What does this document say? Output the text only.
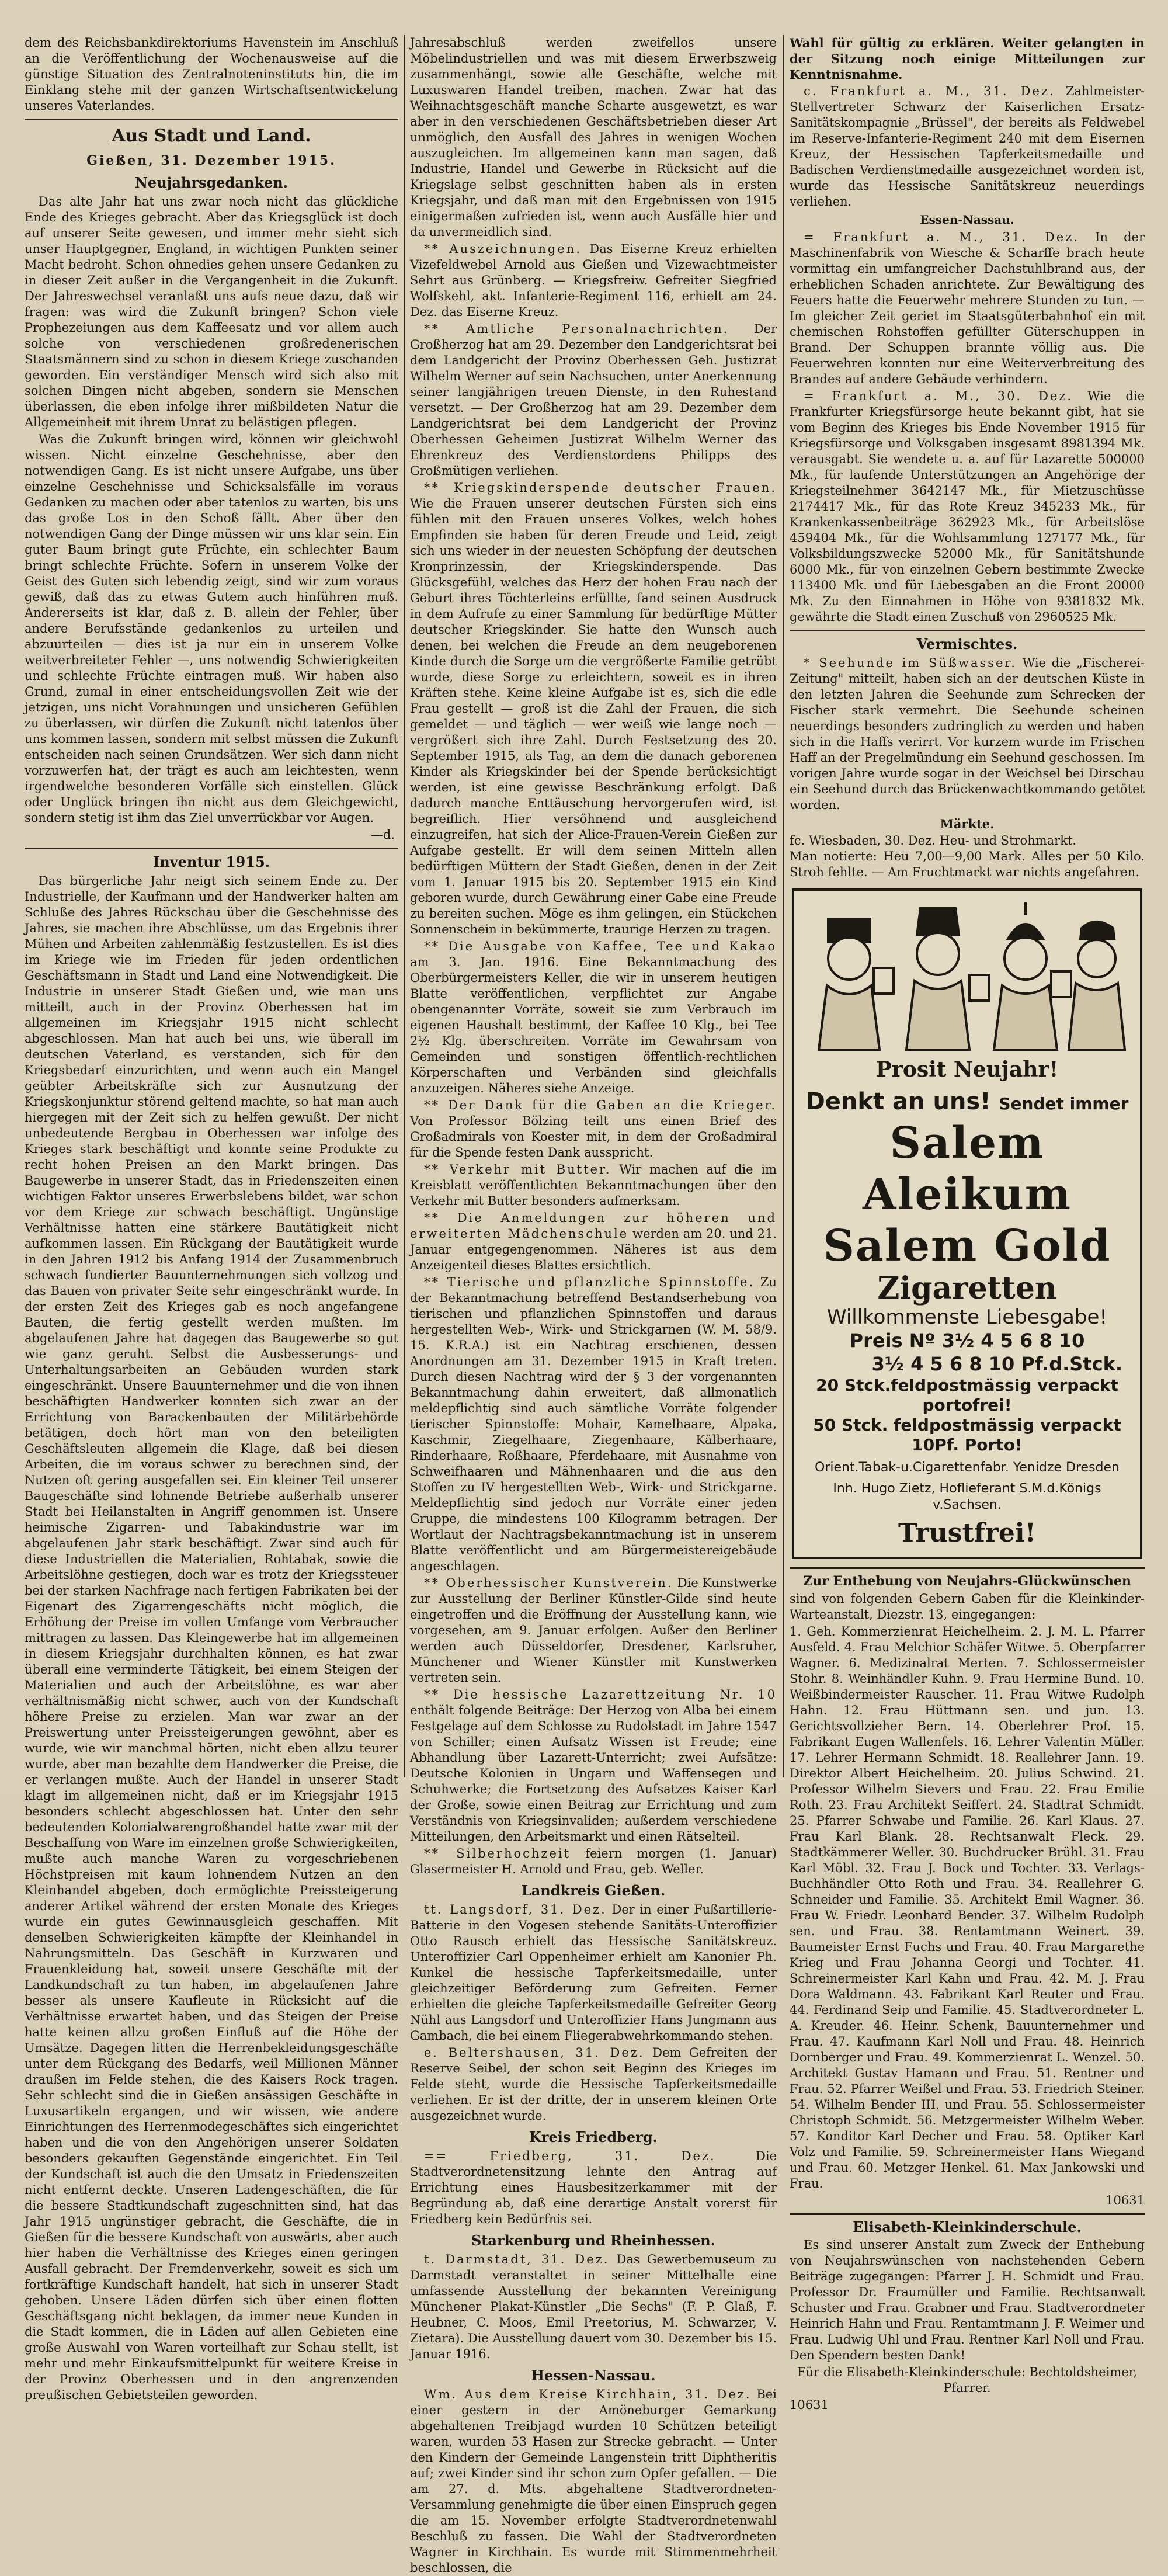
dem des Reichsbankdirektoriums Havenstein im Anschluß an die Veröffentlichung der Wochenausweise auf die günstige Situation des Zentralnoteninstituts hin, die im Einklang stehe mit der ganzen Wirtschaftsentwickelung unseres Vaterlandes.

Aus Stadt und Land.
Gießen, 31. Dezember 1915.
Neujahrsgedanken.

Das alte Jahr hat uns zwar noch nicht das glückliche Ende des Krieges gebracht. Aber das Kriegsglück ist doch auf unserer Seite gewesen, und immer mehr sieht sich unser Hauptgegner, England, in wichtigen Punkten seiner Macht bedroht. Schon ohnedies gehen unsere Gedanken zu in dieser Zeit außer in die Vergangenheit in die Zukunft. Der Jahreswechsel veranlaßt uns aufs neue dazu, daß wir fragen: was wird die Zukunft bringen? Schon viele Prophezeiungen aus dem Kaffeesatz und vor allem auch solche von verschiedenen großredenerischen Staatsmännern sind zu schon in diesem Kriege zuschanden geworden. Ein verständiger Mensch wird sich also mit solchen Dingen nicht abgeben, sondern sie Menschen überlassen, die eben infolge ihrer mißbildeten Natur die Allgemeinheit mit ihrem Unrat zu belästigen pflegen.

Was die Zukunft bringen wird, können wir gleichwohl wissen. Nicht einzelne Geschehnisse, aber den notwendigen Gang. Es ist nicht unsere Aufgabe, uns über einzelne Geschehnisse und Schicksalsfälle im voraus Gedanken zu machen oder aber tatenlos zu warten, bis uns das große Los in den Schoß fällt. Aber über den notwendigen Gang der Dinge müssen wir uns klar sein. Ein guter Baum bringt gute Früchte, ein schlechter Baum bringt schlechte Früchte. Sofern in unserem Volke der Geist des Guten sich lebendig zeigt, sind wir zum voraus gewiß, daß das zu etwas Gutem auch hinführen muß. Andererseits ist klar, daß z. B. allein der Fehler, über andere Berufsstände gedankenlos zu urteilen und abzuurteilen — dies ist ja nur ein in unserem Volke weitverbreiteter Fehler —, uns notwendig Schwierigkeiten und schlechte Früchte eintragen muß. Wir haben also Grund, zumal in einer entscheidungsvollen Zeit wie der jetzigen, uns nicht Vorahnungen und unsicheren Gefühlen zu überlassen, wir dürfen die Zukunft nicht tatenlos über uns kommen lassen, sondern mit selbst müssen die Zukunft entscheiden nach seinen Grundsätzen. Wer sich dann nicht vorzuwerfen hat, der trägt es auch am leichtesten, wenn irgendwelche besonderen Vorfälle sich einstellen. Glück oder Unglück bringen ihn nicht aus dem Gleichgewicht, sondern stetig ist ihm das Ziel unverrückbar vor Augen.

—d.
Inventur 1915.

Das bürgerliche Jahr neigt sich seinem Ende zu. Der Industrielle, der Kaufmann und der Handwerker halten am Schluße des Jahres Rückschau über die Geschehnisse des Jahres, sie machen ihre Abschlüsse, um das Ergebnis ihrer Mühen und Arbeiten zahlenmäßig festzustellen. Es ist dies im Kriege wie im Frieden für jeden ordentlichen Geschäftsmann in Stadt und Land eine Notwendigkeit. Die Industrie in unserer Stadt Gießen und, wie man uns mitteilt, auch in der Provinz Oberhessen hat im allgemeinen im Kriegsjahr 1915 nicht schlecht abgeschlossen. Man hat auch bei uns, wie überall im deutschen Vaterland, es verstanden, sich für den Kriegsbedarf einzurichten, und wenn auch ein Mangel geübter Arbeitskräfte sich zur Ausnutzung der Kriegskonjunktur störend geltend machte, so hat man auch hiergegen mit der Zeit sich zu helfen gewußt. Der nicht unbedeutende Bergbau in Oberhessen war infolge des Krieges stark beschäftigt und konnte seine Produkte zu recht hohen Preisen an den Markt bringen. Das Baugewerbe in unserer Stadt, das in Friedenszeiten einen wichtigen Faktor unseres Erwerbslebens bildet, war schon vor dem Kriege zur schwach beschäftigt. Ungünstige Verhältnisse hatten eine stärkere Bautätigkeit nicht aufkommen lassen. Ein Rückgang der Bautätigkeit wurde in den Jahren 1912 bis Anfang 1914 der Zusammenbruch schwach fundierter Bauunternehmungen sich vollzog und das Bauen von privater Seite sehr eingeschränkt wurde. In der ersten Zeit des Krieges gab es noch angefangene Bauten, die fertig gestellt werden mußten. Im abgelaufenen Jahre hat dagegen das Baugewerbe so gut wie ganz geruht. Selbst die Ausbesserungs- und Unterhaltungsarbeiten an Gebäuden wurden stark eingeschränkt. Unsere Bauunternehmer und die von ihnen beschäftigten Handwerker konnten sich zwar an der Errichtung von Barackenbauten der Militärbehörde betätigen, doch hört man von den beteiligten Geschäftsleuten allgemein die Klage, daß bei diesen Arbeiten, die im voraus schwer zu berechnen sind, der Nutzen oft gering ausgefallen sei. Ein kleiner Teil unserer Baugeschäfte sind lohnende Betriebe außerhalb unserer Stadt bei Heilanstalten in Angriff genommen ist. Unsere heimische Zigarren- und Tabakindustrie war im abgelaufenen Jahr stark beschäftigt. Zwar sind auch für diese Industriellen die Materialien, Rohtabak, sowie die Arbeitslöhne gestiegen, doch war es trotz der Kriegssteuer bei der starken Nachfrage nach fertigen Fabrikaten bei der Eigenart des Zigarrengeschäfts nicht möglich, die Erhöhung der Preise im vollen Umfange vom Verbraucher mittragen zu lassen. Das Kleingewerbe hat im allgemeinen in diesem Kriegsjahr durchhalten können, es hat zwar überall eine verminderte Tätigkeit, bei einem Steigen der Materialien und auch der Arbeitslöhne, es war aber verhältnismäßig nicht schwer, auch von der Kundschaft höhere Preise zu erzielen. Man war zwar an der Preiswertung unter Preissteigerungen gewöhnt, aber es wurde, wie wir manchmal hörten, nicht eben allzu teurer wurde, aber man bezahlte dem Handwerker die Preise, die er verlangen mußte. Auch der Handel in unserer Stadt klagt im allgemeinen nicht, daß er im Kriegsjahr 1915 besonders schlecht abgeschlossen hat. Unter den sehr bedeutenden Kolonialwarengroßhandel hatte zwar mit der Beschaffung von Ware im einzelnen große Schwierigkeiten, mußte auch manche Waren zu vorgeschriebenen Höchstpreisen mit kaum lohnendem Nutzen an den Kleinhandel abgeben, doch ermöglichte Preissteigerung anderer Artikel während der ersten Monate des Krieges wurde ein gutes Gewinnausgleich geschaffen. Mit denselben Schwierigkeiten kämpfte der Kleinhandel in Nahrungsmitteln. Das Geschäft in Kurzwaren und Frauenkleidung hat, soweit unsere Geschäfte mit der Landkundschaft zu tun haben, im abgelaufenen Jahre besser als unsere Kaufleute in Rücksicht auf die Verhältnisse erwartet haben, und das Steigen der Preise hatte keinen allzu großen Einfluß auf die Höhe der Umsätze. Dagegen litten die Herrenbekleidungsgeschäfte unter dem Rückgang des Bedarfs, weil Millionen Männer draußen im Felde stehen, die des Kaisers Rock tragen. Sehr schlecht sind die in Gießen ansässigen Geschäfte in Luxusartikeln ergangen, und wir wissen, wie andere Einrichtungen des Herrenmodegeschäftes sich eingerichtet haben und die von den Angehörigen unserer Soldaten besonders gekauften Gegenstände eingerichtet. Ein Teil der Kundschaft ist auch die den Umsatz in Friedenszeiten nicht entfernt deckte. Unseren Ladengeschäften, die für die bessere Stadtkundschaft zugeschnitten sind, hat das Jahr 1915 ungünstiger gebracht, die Geschäfte, die in Gießen für die bessere Kundschaft von auswärts, aber auch hier haben die Verhältnisse des Krieges einen geringen Ausfall gebracht. Der Fremdenverkehr, soweit es sich um fortkräftige Kundschaft handelt, hat sich in unserer Stadt gehoben. Unsere Läden dürfen sich über einen flotten Geschäftsgang nicht beklagen, da immer neue Kunden in die Stadt kommen, die in Läden auf allen Gebieten eine große Auswahl von Waren vorteilhaft zur Schau stellt, ist mehr und mehr Einkaufsmittelpunkt für weitere Kreise in der Provinz Oberhessen und in den angrenzenden preußischen Gebietsteilen geworden.

Jahresabschluß werden zweifellos unsere Möbelindustriellen und was mit diesem Erwerbszweig zusammenhängt, sowie alle Geschäfte, welche mit Luxuswaren Handel treiben, machen. Zwar hat das Weihnachtsgeschäft manche Scharte ausgewetzt, es war aber in den verschiedenen Geschäftsbetrieben dieser Art unmöglich, den Ausfall des Jahres in wenigen Wochen auszugleichen. Im allgemeinen kann man sagen, daß Industrie, Handel und Gewerbe in Rücksicht auf die Kriegslage selbst geschnitten haben als in ersten Kriegsjahr, und daß man mit den Ergebnissen von 1915 einigermaßen zufrieden ist, wenn auch Ausfälle hier und da unvermeidlich sind.

** Auszeichnungen. Das Eiserne Kreuz erhielten Vizefeldwebel Arnold aus Gießen und Vizewachtmeister Sehrt aus Grünberg. — Kriegsfreiw. Gefreiter Siegfried Wolfskehl, akt. Infanterie-Regiment 116, erhielt am 24. Dez. das Eiserne Kreuz.

** Amtliche Personalnachrichten. Der Großherzog hat am 29. Dezember den Landgerichtsrat bei dem Landgericht der Provinz Oberhessen Geh. Justizrat Wilhelm Werner auf sein Nachsuchen, unter Anerkennung seiner langjährigen treuen Dienste, in den Ruhestand versetzt. — Der Großherzog hat am 29. Dezember dem Landgerichtsrat bei dem Landgericht der Provinz Oberhessen Geheimen Justizrat Wilhelm Werner das Ehrenkreuz des Verdienstordens Philipps des Großmütigen verliehen.

** Kriegskinderspende deutscher Frauen. Wie die Frauen unserer deutschen Fürsten sich eins fühlen mit den Frauen unseres Volkes, welch hohes Empfinden sie haben für deren Freude und Leid, zeigt sich uns wieder in der neuesten Schöpfung der deutschen Kronprinzessin, der Kriegskinderspende. Das Glücksgefühl, welches das Herz der hohen Frau nach der Geburt ihres Töchterleins erfüllte, fand seinen Ausdruck in dem Aufrufe zu einer Sammlung für bedürftige Mütter deutscher Kriegskinder. Sie hatte den Wunsch auch denen, bei welchen die Freude an dem neugeborenen Kinde durch die Sorge um die vergrößerte Familie getrübt wurde, diese Sorge zu erleichtern, soweit es in ihren Kräften stehe. Keine kleine Aufgabe ist es, sich die edle Frau gestellt — groß ist die Zahl der Frauen, die sich gemeldet — und täglich — wer weiß wie lange noch — vergrößert sich ihre Zahl. Durch Festsetzung des 20. September 1915, als Tag, an dem die danach geborenen Kinder als Kriegskinder bei der Spende berücksichtigt werden, ist eine gewisse Beschränkung erfolgt. Daß dadurch manche Enttäuschung hervorgerufen wird, ist begreiflich. Hier versöhnend und ausgleichend einzugreifen, hat sich der Alice-Frauen-Verein Gießen zur Aufgabe gestellt. Er will dem seinen Mitteln allen bedürftigen Müttern der Stadt Gießen, denen in der Zeit vom 1. Januar 1915 bis 20. September 1915 ein Kind geboren wurde, durch Gewährung einer Gabe eine Freude zu bereiten suchen. Möge es ihm gelingen, ein Stückchen Sonnenschein in bekümmerte, traurige Herzen zu tragen.

** Die Ausgabe von Kaffee, Tee und Kakao am 3. Jan. 1916. Eine Bekanntmachung des Oberbürgermeisters Keller, die wir in unserem heutigen Blatte veröffentlichen, verpflichtet zur Angabe obengenannter Vorräte, soweit sie zum Verbrauch im eigenen Haushalt bestimmt, der Kaffee 10 Klg., bei Tee 2½ Klg. überschreiten. Vorräte im Gewahrsam von Gemeinden und sonstigen öffentlich-rechtlichen Körperschaften und Verbänden sind gleichfalls anzuzeigen. Näheres siehe Anzeige.

** Der Dank für die Gaben an die Krieger. Von Professor Bölzing teilt uns einen Brief des Großadmirals von Koester mit, in dem der Großadmiral für die Spende festen Dank ausspricht.

** Verkehr mit Butter. Wir machen auf die im Kreisblatt veröffentlichten Bekanntmachungen über den Verkehr mit Butter besonders aufmerksam.

** Die Anmeldungen zur höheren und erweiterten Mädchenschule werden am 20. und 21. Januar entgegengenommen. Näheres ist aus dem Anzeigenteil dieses Blattes ersichtlich.

** Tierische und pflanzliche Spinnstoffe. Zu der Bekanntmachung betreffend Bestandserhebung von tierischen und pflanzlichen Spinnstoffen und daraus hergestellten Web-, Wirk- und Strickgarnen (W. M. 58/9. 15. K.R.A.) ist ein Nachtrag erschienen, dessen Anordnungen am 31. Dezember 1915 in Kraft treten. Durch diesen Nachtrag wird der § 3 der vorgenannten Bekanntmachung dahin erweitert, daß allmonatlich meldepflichtig sind auch sämtliche Vorräte folgender tierischer Spinnstoffe: Mohair, Kamelhaare, Alpaka, Kaschmir, Ziegelhaare, Ziegenhaare, Kälberhaare, Rinderhaare, Roßhaare, Pferdehaare, mit Ausnahme von Schweifhaaren und Mähnenhaaren und die aus den Stoffen zu IV hergestellten Web-, Wirk- und Strickgarne. Meldepflichtig sind jedoch nur Vorräte einer jeden Gruppe, die mindestens 100 Kilogramm betragen. Der Wortlaut der Nachtragsbekanntmachung ist in unserem Blatte veröffentlicht und am Bürgermeistereigebäude angeschlagen.

** Oberhessischer Kunstverein. Die Kunstwerke zur Ausstellung der Berliner Künstler-Gilde sind heute eingetroffen und die Eröffnung der Ausstellung kann, wie vorgesehen, am 9. Januar erfolgen. Außer den Berliner werden auch Düsseldorfer, Dresdener, Karlsruher, Münchener und Wiener Künstler mit Kunstwerken vertreten sein.

** Die hessische Lazarettzeitung Nr. 10 enthält folgende Beiträge: Der Herzog von Alba bei einem Festgelage auf dem Schlosse zu Rudolstadt im Jahre 1547 von Schiller; einen Aufsatz Wissen ist Freude; eine Abhandlung über Lazarett-Unterricht; zwei Aufsätze: Deutsche Kolonien in Ungarn und Waffensegen und Schuhwerke; die Fortsetzung des Aufsatzes Kaiser Karl der Große, sowie einen Beitrag zur Errichtung und zum Verständnis von Kriegsinvaliden; außerdem verschiedene Mitteilungen, den Arbeitsmarkt und einen Rätselteil.

** Silberhochzeit feiern morgen (1. Januar) Glasermeister H. Arnold und Frau, geb. Weller.

Landkreis Gießen.

tt. Langsdorf, 31. Dez. Der in einer Fußartillerie-Batterie in den Vogesen stehende Sanitäts-Unteroffizier Otto Rausch erhielt das Hessische Sanitätskreuz. Unteroffizier Carl Oppenheimer erhielt am Kanonier Ph. Kunkel die hessische Tapferkeitsmedaille, unter gleichzeitiger Beförderung zum Gefreiten. Ferner erhielten die gleiche Tapferkeitsmedaille Gefreiter Georg Nühl aus Langsdorf und Unteroffizier Hans Jungmann aus Gambach, die bei einem Fliegerabwehrkommando stehen.

e. Beltershausen, 31. Dez. Dem Gefreiten der Reserve Seibel, der schon seit Beginn des Krieges im Felde steht, wurde die Hessische Tapferkeitsmedaille verliehen. Er ist der dritte, der in unserem kleinen Orte ausgezeichnet wurde.

Kreis Friedberg.

== Friedberg, 31. Dez.	Die Stadtverordnetensitzung lehnte den Antrag auf Errichtung eines Hausbesitzerkammer mit der Begründung ab, daß eine derartige Anstalt vorerst für Friedberg kein Bedürfnis sei.

Starkenburg und Rheinhessen.

t. Darmstadt, 31. Dez. Das Gewerbemuseum zu Darmstadt veranstaltet in seiner Mittelhalle eine umfassende Ausstellung der bekannten Vereinigung Münchener Plakat-Künstler „Die Sechs" (F. P. Glaß, F. Heubner, C. Moos, Emil Preetorius, M. Schwarzer, V. Zietara). Die Ausstellung dauert vom 30. Dezember bis 15. Januar 1916.

Hessen-Nassau.

Wm. Aus dem Kreise Kirchhain, 31. Dez. Bei einer gestern in der Amöneburger Gemarkung abgehaltenen Treibjagd wurden 10 Schützen beteiligt waren, wurden 53 Hasen zur Strecke gebracht. — Unter den Kindern der Gemeinde Langenstein tritt Diphtheritis auf; zwei Kinder sind ihr schon zum Opfer gefallen. — Die am 27. d. Mts. abgehaltene Stadtverordneten-Versammlung genehmigte die über einen Einspruch gegen die am 15. November erfolgte Stadtverordnetenwahl Beschluß zu fassen. Die Wahl der Stadtverordneten Wagner in Kirchhain. Es wurde mit Stimmenmehrheit beschlossen, die

Wahl für gültig zu erklären. Weiter gelangten in der Sitzung noch einige Mitteilungen zur Kenntnisnahme.

c. Frankfurt a. M., 31. Dez. Zahlmeister-Stellvertreter Schwarz der Kaiserlichen Ersatz-Sanitätskompagnie „Brüssel", der bereits als Feldwebel im Reserve-Infanterie-Regiment 240 mit dem Eisernen Kreuz, der Hessischen Tapferkeitsmedaille und Badischen Verdienstmedaille ausgezeichnet worden ist, wurde das Hessische Sanitätskreuz neuerdings verliehen.

Essen-Nassau.

= Frankfurt a. M., 31. Dez. In der Maschinenfabrik von Wiesche & Scharffe brach heute vormittag ein umfangreicher Dachstuhlbrand aus, der erheblichen Schaden anrichtete. Zur Bewältigung des Feuers hatte die Feuerwehr mehrere Stunden zu tun. — Im gleicher Zeit geriet im Staatsgüterbahnhof ein mit chemischen Rohstoffen gefüllter Güterschuppen in Brand. Der Schuppen brannte völlig aus. Die Feuerwehren konnten nur eine Weiterverbreitung des Brandes auf andere Gebäude verhindern.

= Frankfurt a. M., 30. Dez. Wie die Frankfurter Kriegsfürsorge heute bekannt gibt, hat sie vom Beginn des Krieges bis Ende November 1915 für Kriegsfürsorge und Volksgaben insgesamt 8981394 Mk. verausgabt. Sie wendete u. a. auf für Lazarette 500000 Mk., für laufende Unterstützungen an Angehörige der Kriegsteilnehmer 3642147 Mk., für Mietzuschüsse 2174417 Mk., für das Rote Kreuz 345233 Mk., für Krankenkassenbeiträge 362923 Mk., für Arbeitslöse 459404 Mk., für die Wohlsammlung 127177 Mk., für Volksbildungszwecke 52000 Mk., für Sanitätshunde 6000 Mk., für von einzelnen Gebern bestimmte Zwecke 113400 Mk. und für Liebesgaben an die Front 20000 Mk. Zu den Einnahmen in Höhe von 9381832 Mk. gewährte die Stadt einen Zuschuß von 2960525 Mk.

Vermischtes.

* Seehunde im Süßwasser. Wie die „Fischerei-Zeitung" mitteilt, haben sich an der deutschen Küste in den letzten Jahren die Seehunde zum Schrecken der Fischer stark vermehrt. Die Seehunde scheinen neuerdings besonders zudringlich zu werden und haben sich in die Haffs verirrt. Vor kurzem wurde im Frischen Haff an der Pregelmündung ein Seehund geschossen. Im vorigen Jahre wurde sogar in der Weichsel bei Dirschau ein Seehund durch das Brückenwachtkommando getötet worden.

Märkte.

fc. Wiesbaden, 30. Dez. Heu- und Strohmarkt.

Man notierte: Heu 7,00—9,00 Mark. Alles per 50 Kilo. Stroh fehlte. — Am Fruchtmarkt war nichts angefahren.

Prosit Neujahr!
Denkt an uns! Sendet immer
Salem Aleikum
Salem Gold
Zigaretten
Willkommenste Liebesgabe!
Preis Nº 3½ 4 5 6 8 10
3½ 4 5 6 8 10 Pf.d.Stck.
20 Stck.feldpostmässig verpackt portofrei!
50 Stck. feldpostmässig verpackt 10Pf. Porto!
Orient.Tabak-u.Cigarettenfabr. Yenidze Dresden
Inh. Hugo Zietz, Hoflieferant S.M.d.Königs v.Sachsen.
Trustfrei!
Zur Enthebung von Neujahrs-Glückwünschen

sind von folgenden Gebern Gaben für die Kleinkinder-Warteanstalt, Diezstr. 13, eingegangen:

1. Geh. Kommerzienrat Heichelheim. 2. J. M. L. Pfarrer Ausfeld. 4. Frau Melchior Schäfer Witwe. 5. Oberpfarrer Wagner. 6. Medizinalrat Merten. 7. Schlossermeister Stohr. 8. Weinhändler Kuhn. 9. Frau Hermine Bund. 10. Weißbindermeister Rauscher. 11. Frau Witwe Rudolph Hahn. 12. Frau Hüttmann sen. und jun. 13. Gerichtsvollzieher Bern. 14. Oberlehrer Prof. 15. Fabrikant Eugen Wallenfels. 16. Lehrer Valentin Müller. 17. Lehrer Hermann Schmidt. 18. Reallehrer Jann. 19. Direktor Albert Heichelheim. 20. Julius Schwind. 21. Professor Wilhelm Sievers und Frau. 22. Frau Emilie Roth. 23. Frau Architekt Seiffert. 24. Stadtrat Schmidt. 25. Pfarrer Schwabe und Familie. 26. Karl Klaus. 27. Frau Karl Blank. 28. Rechtsanwalt Fleck. 29. Stadtkämmerer Weller. 30. Buchdrucker Brühl. 31. Frau Karl Möbl. 32. Frau J. Bock und Tochter. 33. Verlags-Buchhändler Otto Roth und Frau. 34. Reallehrer G. Schneider und Familie. 35. Architekt Emil Wagner. 36. Frau W. Friedr. Leonhard Bender. 37. Wilhelm Rudolph sen. und Frau. 38. Rentamtmann Weinert. 39. Baumeister Ernst Fuchs und Frau. 40. Frau Margarethe Krieg und Frau Johanna Georgi und Tochter. 41. Schreinermeister Karl Kahn und Frau. 42. M. J. Frau Dora Waldmann. 43. Fabrikant Karl Reuter und Frau. 44. Ferdinand Seip und Familie. 45. Stadtverordneter L. A. Kreuder. 46. Heinr. Schenk, Bauunternehmer und Frau. 47. Kaufmann Karl Noll und Frau. 48. Heinrich Dornberger und Frau. 49. Kommerzienrat L. Wenzel. 50. Architekt Gustav Hamann und Frau. 51. Rentner und Frau. 52. Pfarrer Weißel und Frau. 53. Friedrich Steiner. 54. Wilhelm Bender III. und Frau. 55. Schlossermeister Christoph Schmidt. 56. Metzgermeister Wilhelm Weber. 57. Konditor Karl Decher und Frau. 58. Optiker Karl Volz und Familie. 59. Schreinermeister Hans Wiegand und Frau. 60. Metzger Henkel. 61. Max Jankowski und Frau.

10631
Elisabeth-Kleinkinderschule.

Es sind unserer Anstalt zum Zweck der Enthebung von Neujahrswünschen von nachstehenden Gebern Beiträge zugegangen: Pfarrer J. H. Schmidt und Frau. Professor Dr. Fraumüller und Familie. Rechtsanwalt Schuster und Frau. Grabner und Frau. Stadtverordneter Heinrich Hahn und Frau. Rentamtmann J. F. Weimer und Frau. Ludwig Uhl und Frau. Rentner Karl Noll und Frau. Den Spendern besten Dank!

Für die Elisabeth-Kleinkinderschule: Bechtoldsheimer, Pfarrer.

10631
